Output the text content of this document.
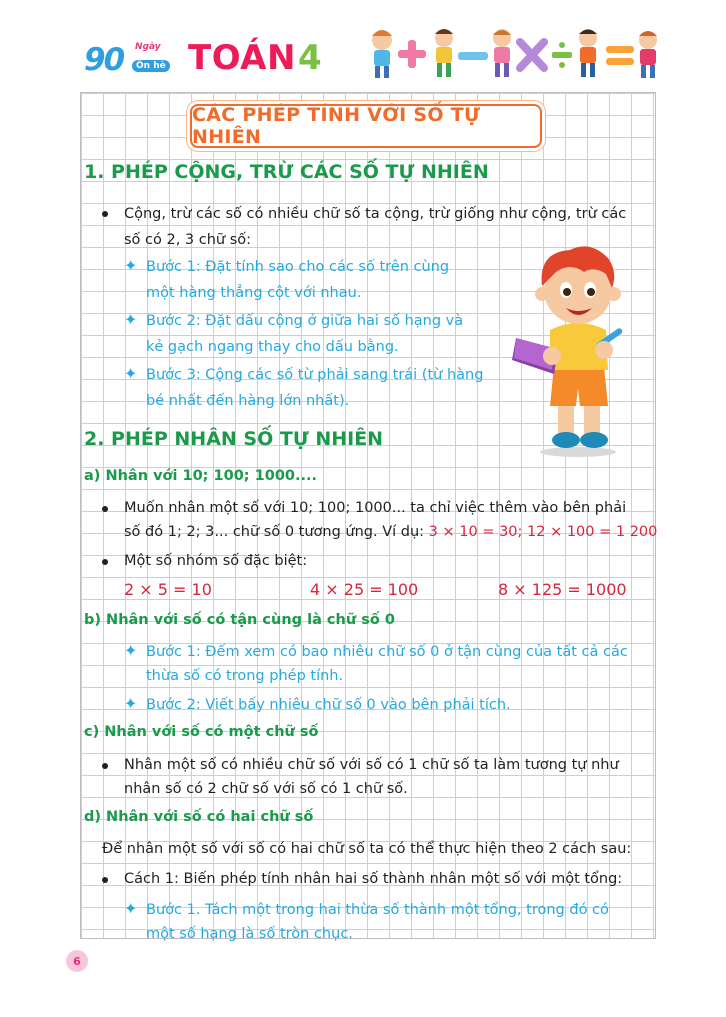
90 Ngày
Ôn hè TOÁN 4
CÁC PHÉP TÍNH VỚI SỐ TỰ NHIÊN
1. PHÉP CỘNG, TRỪ CÁC SỐ TỰ NHIÊN
Cộng, trừ các số có nhiều chữ số ta cộng, trừ giống như cộng, trừ các
số có 2, 3 chữ số:
✦ Bước 1: Đặt tính sao cho các số trên cùng
một hàng thẳng cột với nhau.
✦ Bước 2: Đặt dấu cộng ở giữa hai số hạng và
kẻ gạch ngang thay cho dấu bằng.
✦ Bước 3: Cộng các số từ phải sang trái (từ hàng
bé nhất đến hàng lớn nhất).
2. PHÉP NHÂN SỐ TỰ NHIÊN
a) Nhân với 10; 100; 1000....
Muốn nhân một số với 10; 100; 1000... ta chỉ việc thêm vào bên phải
số đó 1; 2; 3... chữ số 0 tương ứng. Ví dụ: 3 × 10 = 30; 12 × 100 = 1 200
Một số nhóm số đặc biệt:
2 × 5 = 10	4 × 25 = 100	8 × 125 = 1000
b) Nhân với số có tận cùng là chữ số 0
✦ Bước 1: Đếm xem có bao nhiêu chữ số 0 ở tận cùng của tất cả các
thừa số có trong phép tính.
✦ Bước 2: Viết bấy nhiêu chữ số 0 vào bên phải tích.
c) Nhân với số có một chữ số
Nhân một số có nhiều chữ số với số có 1 chữ số ta làm tương tự như
nhân số có 2 chữ số với số có 1 chữ số.
d) Nhân với số có hai chữ số
Để nhân một số với số có hai chữ số ta có thể thực hiện theo 2 cách sau:
Cách 1: Biến phép tính nhân hai số thành nhân một số với một tổng:
✦ Bước 1. Tách một trong hai thừa số thành một tổng, trong đó có
một số hạng là số tròn chục.
6
